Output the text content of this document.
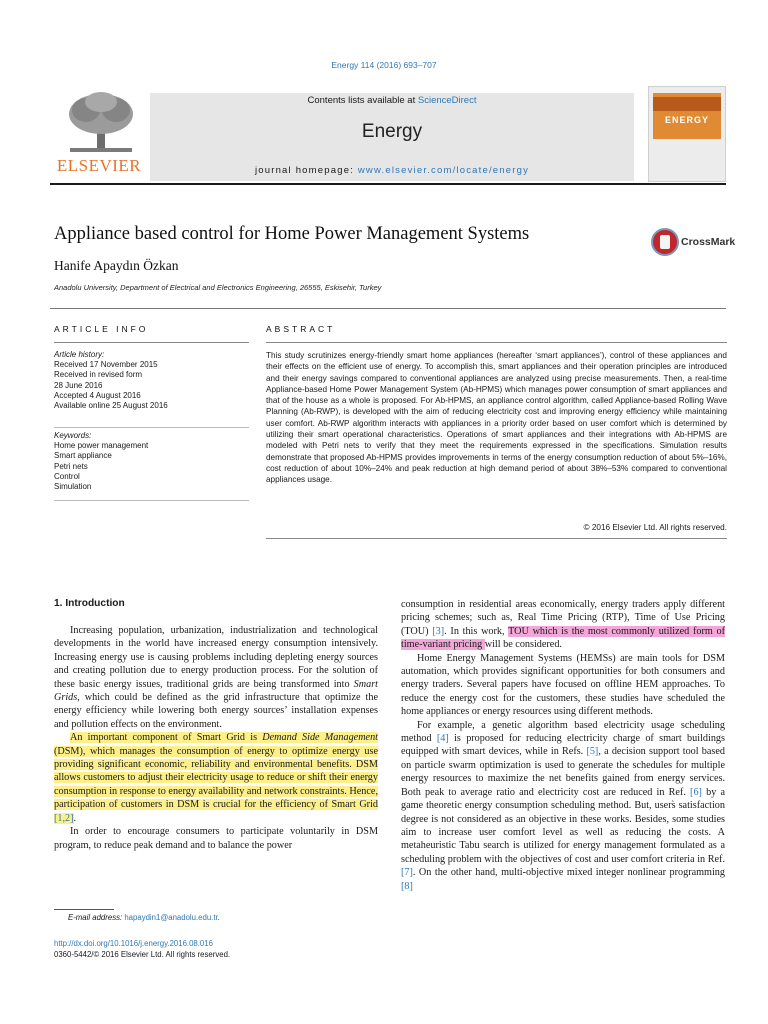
Energy 114 (2016) 693–707
ELSEVIER
Contents lists available at ScienceDirect
Energy
journal homepage: www.elsevier.com/locate/energy
ENERGY
Appliance based control for Home Power Management Systems
Hanife Apaydın Özkan
Anadolu University, Department of Electrical and Electronics Engineering, 26555, Eskisehir, Turkey
CrossMark
ARTICLE INFO
Article history:
Received 17 November 2015
Received in revised form
28 June 2016
Accepted 4 August 2016
Available online 25 August 2016
Keywords:
Home power management
Smart appliance
Petri nets
Control
Simulation
ABSTRACT
This study scrutinizes energy-friendly smart home appliances (hereafter ‘smart appliances’), control of these appliances and their effects on the efficient use of energy. To accomplish this, smart appliances and their operation principles are introduced and their energy savings compared to conventional appliances are analyzed using precise measurements. Then, a real-time Appliance-based Home Power Management System (Ab-HPMS) which manages power consumption of smart appliances and that of the house as a whole is proposed. For Ab-HPMS, an appliance control algorithm, called Appliance-based Rolling Wave Planning (Ab-RWP), is developed with the aim of reducing electricity cost and improving energy efficiency while maintaining user comfort. Ab-RWP algorithm interacts with appliances in a priority order based on user comfort which is determined by utilizing their smart operational characteristics. Operations of smart appliances and their integrations with Ab-HPMS are modeled with Petri nets to verify that they meet the requirements expressed in the specifications. Simulation results demonstrate that proposed Ab-HPMS provides improvements in terms of the energy consumption reduction of about 5%–16%, cost reduction of about 10%–24% and peak reduction at high demand period of about 38%–53% compared to conventional appliances usage.
© 2016 Elsevier Ltd. All rights reserved.
1. Introduction

Increasing population, urbanization, industrialization and technological developments in the world have increased energy consumption intensively. Increasing energy use is causing problems including depleting energy sources and creating pollution due to energy production process. For the solution of these basic energy issues, traditional grids are being transformed into Smart Grids, which could be defined as the grid infrastructure that optimize the energy efficiency while lowering both energy sources’ installation expenses and pollution effects on the environment.

An important component of Smart Grid is Demand Side Management (DSM), which manages the consumption of energy to optimize energy use providing significant economic, reliability and environmental benefits. DSM allows customers to adjust their electricity usage to reduce or shift their energy consumption in response to energy availability and network constraints. Hence, participation of customers in DSM is crucial for the efficiency of Smart Grid [1,2].

In order to encourage consumers to participate voluntarily in DSM program, to reduce peak demand and to balance the power

consumption in residential areas economically, energy traders apply different pricing schemes; such as, Real Time Pricing (RTP), Time of Use Pricing (TOU) [3]. In this work, TOU which is the most commonly utilized form of time-variant pricing will be considered.

Home Energy Management Systems (HEMSs) are main tools for DSM automation, which provides significant opportunities for both consumers and energy traders. Several papers have focused on offline HEM approaches. To reduce the energy cost for the customers, these studies have scheduled the home appliances or energy resources using different methods.

For example, a genetic algorithm based electricity usage scheduling method [4] is proposed for reducing electricity charge of smart buildings equipped with smart devices, while in Refs. [5], a decision support tool based on particle swarm optimization is used to generate the schedules for multiple energy resources to maximize the net benefits gained from energy services. Both peak to average ratio and electricity cost are reduced in Ref. [6] by a game theoretic energy consumption scheduling method. But, users̀ satisfaction degree is not considered as an objective in these works. Besides, some studies aim to increase user comfort level as well as reducing the costs. A metaheuristic Tabu search is utilized for energy management formulated as a scheduling problem with the objectives of cost and user comfort criteria in Ref. [7]. On the other hand, multi-objective mixed integer nonlinear programming [8]

E-mail address: hapaydin1@anadolu.edu.tr.
http://dx.doi.org/10.1016/j.energy.2016.08.016
0360-5442/© 2016 Elsevier Ltd. All rights reserved.
